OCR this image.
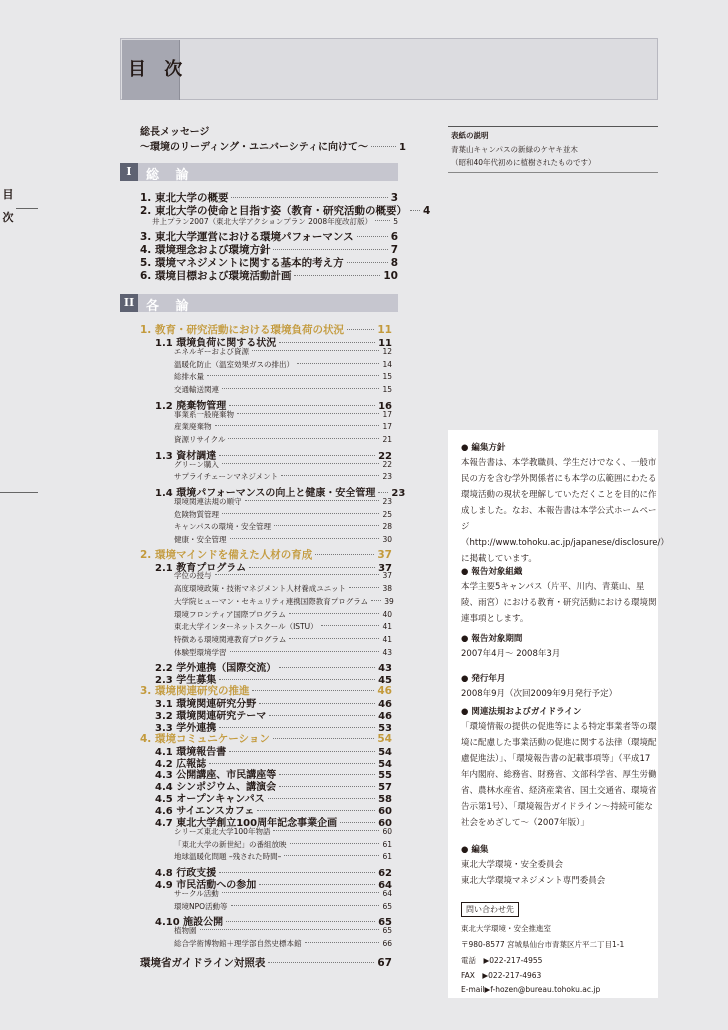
目 次
目
次
総長メッセージ
～環境のリーディング・ユニバーシティに向けて～	1
I	総 論
1. 東北大学の概要	3
2. 東北大学の使命と目指す姿（教育・研究活動の概要） 4
井上プラン2007（東北大学アクションプラン 2008年度改訂版）	5
3. 東北大学運営における環境パフォーマンス	6
4. 環境理念および環境方針	7
5. 環境マネジメントに関する基本的考え方	8
6. 環境目標および環境活動計画	10
II 各 論
1. 教育・研究活動における環境負荷の状況	11
1.1 環境負荷に関する状況	11
エネルギーおよび資源	12
温暖化防止（温室効果ガスの排出）	14
総排水量	15
交通輸送関連	15
1.2 廃棄物管理	16
事業系一般廃棄物	17
産業廃棄物	17
資源リサイクル	21
1.3 資材調達	22
グリーン購入	22
サプライチェーンマネジメント	23
1.4 環境パフォーマンスの向上と健康・安全管理 23
環境関連法規の順守	23
危険物質管理	25
キャンパスの環境・安全管理	28
健康・安全管理	30
2. 環境マインドを備えた人材の育成	37
2.1 教育プログラム	37
学位の授与	37
高度環境政策・技術マネジメント人材養成ユニット	38
大学院ヒューマン・セキュリティ連携国際教育プログラム 39
環境フロンティア国際プログラム	40
東北大学インターネットスクール（ISTU）	41
特徴ある環境関連教育プログラム	41
体験型環境学習	43
2.2 学外連携（国際交流）	43
2.3 学生募集	45
3. 環境関連研究の推進	46
3.1 環境関連研究分野	46
3.2 環境関連研究テーマ	46
3.3 学外連携	53
4. 環境コミュニケーション	54
4.1 環境報告書	54
4.2 広報誌	54
4.3 公開講座、市民講座等	55
4.4 シンポジウム、講演会	57
4.5 オープンキャンパス	58
4.6 サイエンスカフェ	60
4.7 東北大学創立100周年記念事業企画	60
シリーズ東北大学100年物語	60
「東北大学の新世紀」の番組放映	61
地球温暖化問題 –残された時間–	61
4.8 行政支援	62
4.9 市民活動への参加	64
サークル活動	64
環境NPO活動等	65
4.10 施設公開	65
植物園	65
総合学術博物館＋理学部自然史標本館	66
環境省ガイドライン対照表	67
表紙の説明
青葉山キャンパスの新緑のケヤキ並木
（昭和40年代初めに植樹されたものです）
● 編集方針
本報告書は、本学教職員、学生だけでなく、一般市民の方を含む学外関係者にも本学の広範囲にわたる環境活動の現状を理解していただくことを目的に作成しました。なお、本報告書は本学公式ホームページ（http://www.tohoku.ac.jp/japanese/disclosure/）に掲載しています。
● 報告対象組織
本学主要5キャンパス（片平、川内、青葉山、星陵、雨宮）における教育・研究活動における環境関連事項とします。
● 報告対象期間
2007年4月～ 2008年3月
● 発行年月
2008年9月（次回2009年9月発行予定）
● 関連法規およびガイドライン
「環境情報の提供の促進等による特定事業者等の環境に配慮した事業活動の促進に関する法律（環境配慮促進法）」、「環境報告書の記載事項等」（平成17年内閣府、総務省、財務省、文部科学省、厚生労働省、農林水産省、経済産業省、国土交通省、環境省告示第1号）、「環境報告ガイドライン～持続可能な社会をめざして～（2007年版）」
● 編集
東北大学環境・安全委員会
東北大学環境マネジメント専門委員会
問い合わせ先
東北大学環境・安全推進室
〒980-8577 宮城県仙台市青葉区片平二丁目1-1
電話　▶022-217-4955
FAX　▶022-217-4963
E-mail▶f-hozen@bureau.tohoku.ac.jp
